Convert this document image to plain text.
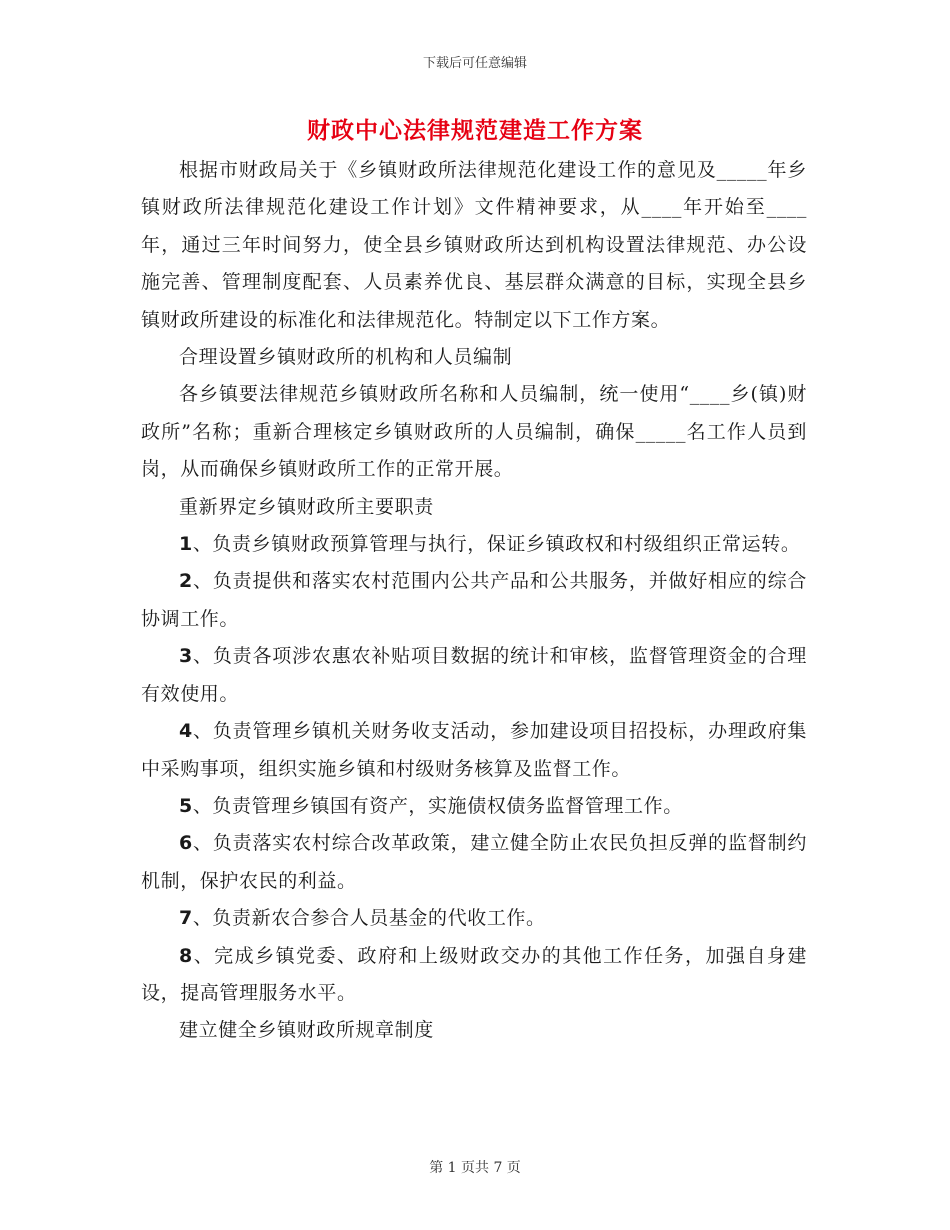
下载后可任意编辑
财政中心法律规范建造工作方案

根据市财政局关于《乡镇财政所法律规范化建设工作的意见及_____年乡镇财政所法律规范化建设工作计划》文件精神要求，从____年开始至____年，通过三年时间努力，使全县乡镇财政所达到机构设置法律规范、办公设施完善、管理制度配套、人员素养优良、基层群众满意的目标，实现全县乡镇财政所建设的标准化和法律规范化。特制定以下工作方案。

合理设置乡镇财政所的机构和人员编制

各乡镇要法律规范乡镇财政所名称和人员编制，统一使用“____乡(镇)财政所”名称；重新合理核定乡镇财政所的人员编制，确保_____名工作人员到岗，从而确保乡镇财政所工作的正常开展。

重新界定乡镇财政所主要职责

1、负责乡镇财政预算管理与执行，保证乡镇政权和村级组织正常运转。

2、负责提供和落实农村范围内公共产品和公共服务，并做好相应的综合协调工作。

3、负责各项涉农惠农补贴项目数据的统计和审核，监督管理资金的合理有效使用。

4、负责管理乡镇机关财务收支活动，参加建设项目招投标，办理政府集中采购事项，组织实施乡镇和村级财务核算及监督工作。

5、负责管理乡镇国有资产，实施债权债务监督管理工作。

6、负责落实农村综合改革政策，建立健全防止农民负担反弹的监督制约机制，保护农民的利益。

7、负责新农合参合人员基金的代收工作。

8、完成乡镇党委、政府和上级财政交办的其他工作任务，加强自身建设，提高管理服务水平。

建立健全乡镇财政所规章制度

第 1 页共 7 页
